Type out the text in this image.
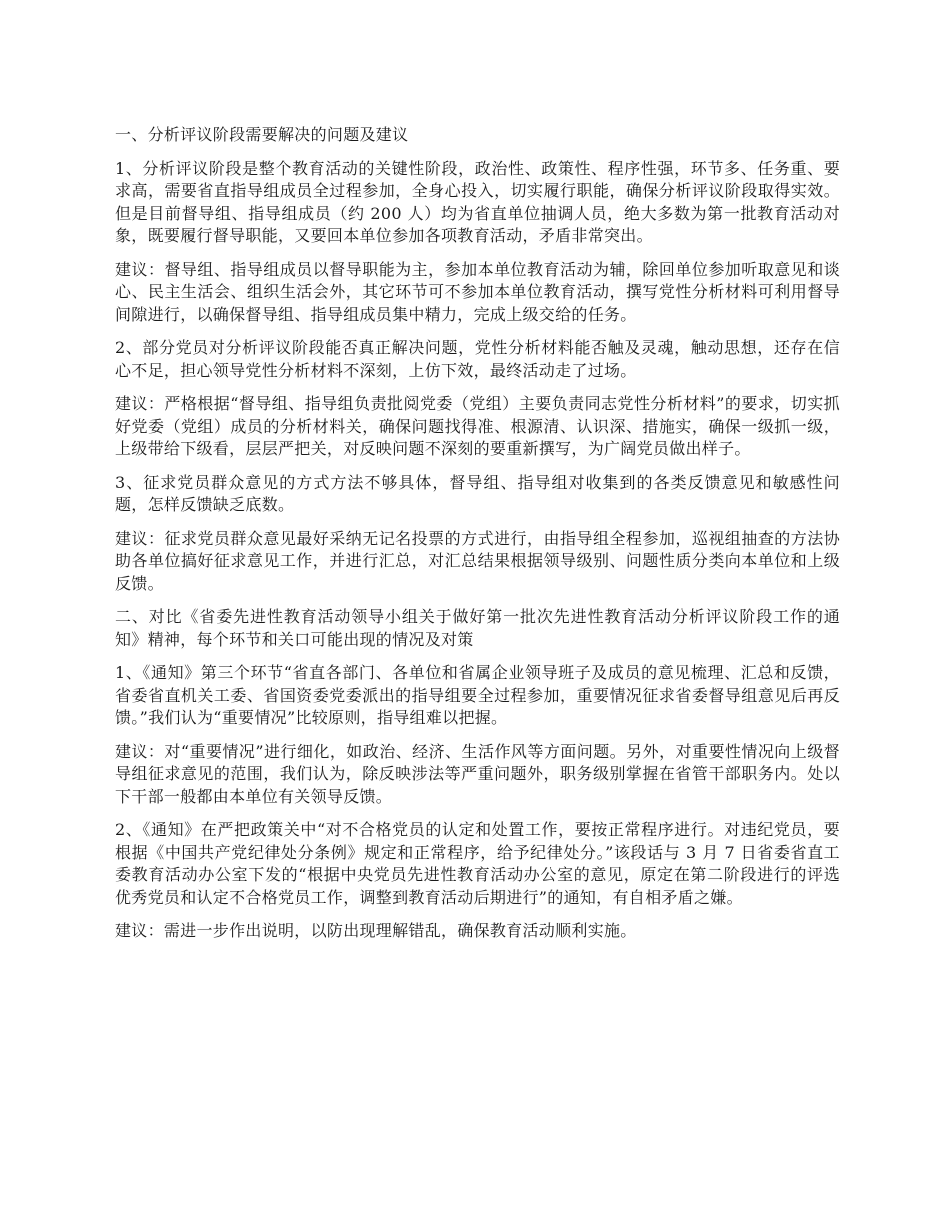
一、分析评议阶段需要解决的问题及建议

1、分析评议阶段是整个教育活动的关键性阶段，政治性、政策性、程序性强，环节多、任务重、要求高，需要省直指导组成员全过程参加，全身心投入，切实履行职能，确保分析评议阶段取得实效。但是目前督导组、指导组成员（约 200 人）均为省直单位抽调人员，绝大多数为第一批教育活动对象，既要履行督导职能，又要回本单位参加各项教育活动，矛盾非常突出。

建议：督导组、指导组成员以督导职能为主，参加本单位教育活动为辅，除回单位参加听取意见和谈心、民主生活会、组织生活会外，其它环节可不参加本单位教育活动，撰写党性分析材料可利用督导间隙进行，以确保督导组、指导组成员集中精力，完成上级交给的任务。

2、部分党员对分析评议阶段能否真正解决问题，党性分析材料能否触及灵魂，触动思想，还存在信心不足，担心领导党性分析材料不深刻，上仿下效，最终活动走了过场。

建议：严格根据“督导组、指导组负责批阅党委（党组）主要负责同志党性分析材料”的要求，切实抓好党委（党组）成员的分析材料关，确保问题找得准、根源清、认识深、措施实，确保一级抓一级，上级带给下级看，层层严把关，对反映问题不深刻的要重新撰写，为广阔党员做出样子。

3、征求党员群众意见的方式方法不够具体，督导组、指导组对收集到的各类反馈意见和敏感性问题，怎样反馈缺乏底数。

建议：征求党员群众意见最好采纳无记名投票的方式进行，由指导组全程参加，巡视组抽查的方法协助各单位搞好征求意见工作，并进行汇总，对汇总结果根据领导级别、问题性质分类向本单位和上级反馈。

二、对比《省委先进性教育活动领导小组关于做好第一批次先进性教育活动分析评议阶段工作的通知》精神，每个环节和关口可能出现的情况及对策

1、《通知》第三个环节“省直各部门、各单位和省属企业领导班子及成员的意见梳理、汇总和反馈，省委省直机关工委、省国资委党委派出的指导组要全过程参加，重要情况征求省委督导组意见后再反馈。”我们认为“重要情况”比较原则，指导组难以把握。

建议：对“重要情况”进行细化，如政治、经济、生活作风等方面问题。另外，对重要性情况向上级督导组征求意见的范围，我们认为，除反映涉法等严重问题外，职务级别掌握在省管干部职务内。处以下干部一般都由本单位有关领导反馈。

2、《通知》在严把政策关中“对不合格党员的认定和处置工作，要按正常程序进行。对违纪党员，要根据《中国共产党纪律处分条例》规定和正常程序，给予纪律处分。”该段话与 3 月 7 日省委省直工委教育活动办公室下发的“根据中央党员先进性教育活动办公室的意见，原定在第二阶段进行的评选优秀党员和认定不合格党员工作，调整到教育活动后期进行”的通知，有自相矛盾之嫌。

建议：需进一步作出说明，以防出现理解错乱，确保教育活动顺利实施。
